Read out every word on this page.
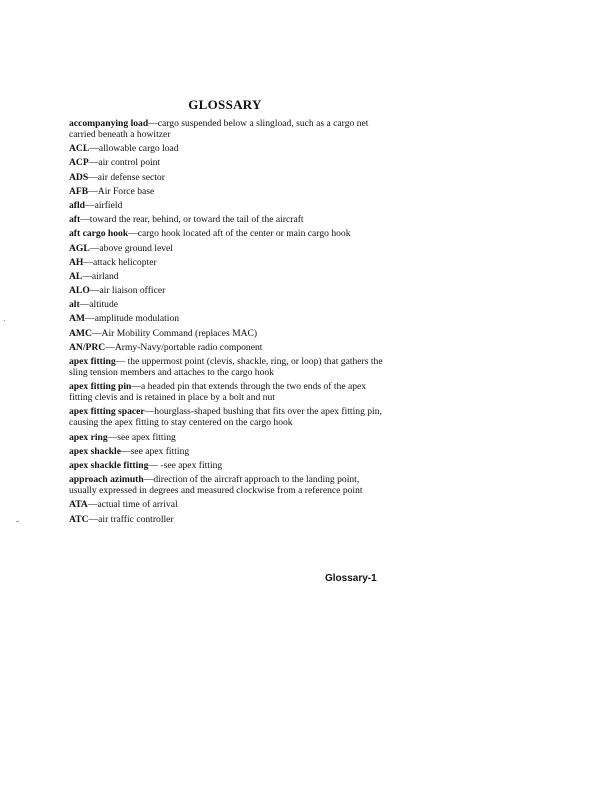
GLOSSARY
accompanying load—cargo suspended below a slingload, such as a cargo net carried beneath a howitzer
ACL—allowable cargo load
ACP—air control point
ADS—air defense sector
AFB—Air Force base
afld—airfield
aft—toward the rear, behind, or toward the tail of the aircraft
aft cargo hook—cargo hook located aft of the center or main cargo hook
AGL—above ground level
AH—attack helicopter
AL—airland
ALO—air liaison officer
alt—altitude
AM—amplitude modulation
AMC—Air Mobility Command (replaces MAC)
AN/PRC—Army-Navy/portable radio component
apex fitting— the uppermost point (clevis, shackle, ring, or loop) that gathers the sling tension members and attaches to the cargo hook
apex fitting pin—a headed pin that extends through the two ends of the apex fitting clevis and is retained in place by a bolt and nut
apex fitting spacer—hourglass-shaped bushing that fits over the apex fitting pin, causing the apex fitting to stay centered on the cargo hook
apex ring—see apex fitting
apex shackle—see apex fitting
apex shackle fitting— -see apex fitting
approach azimuth—direction of the aircraft approach to the landing point, usually expressed in degrees and measured clockwise from a reference point
ATA—actual time of arrival
ATC—air traffic controller
.
-

Glossary-1
